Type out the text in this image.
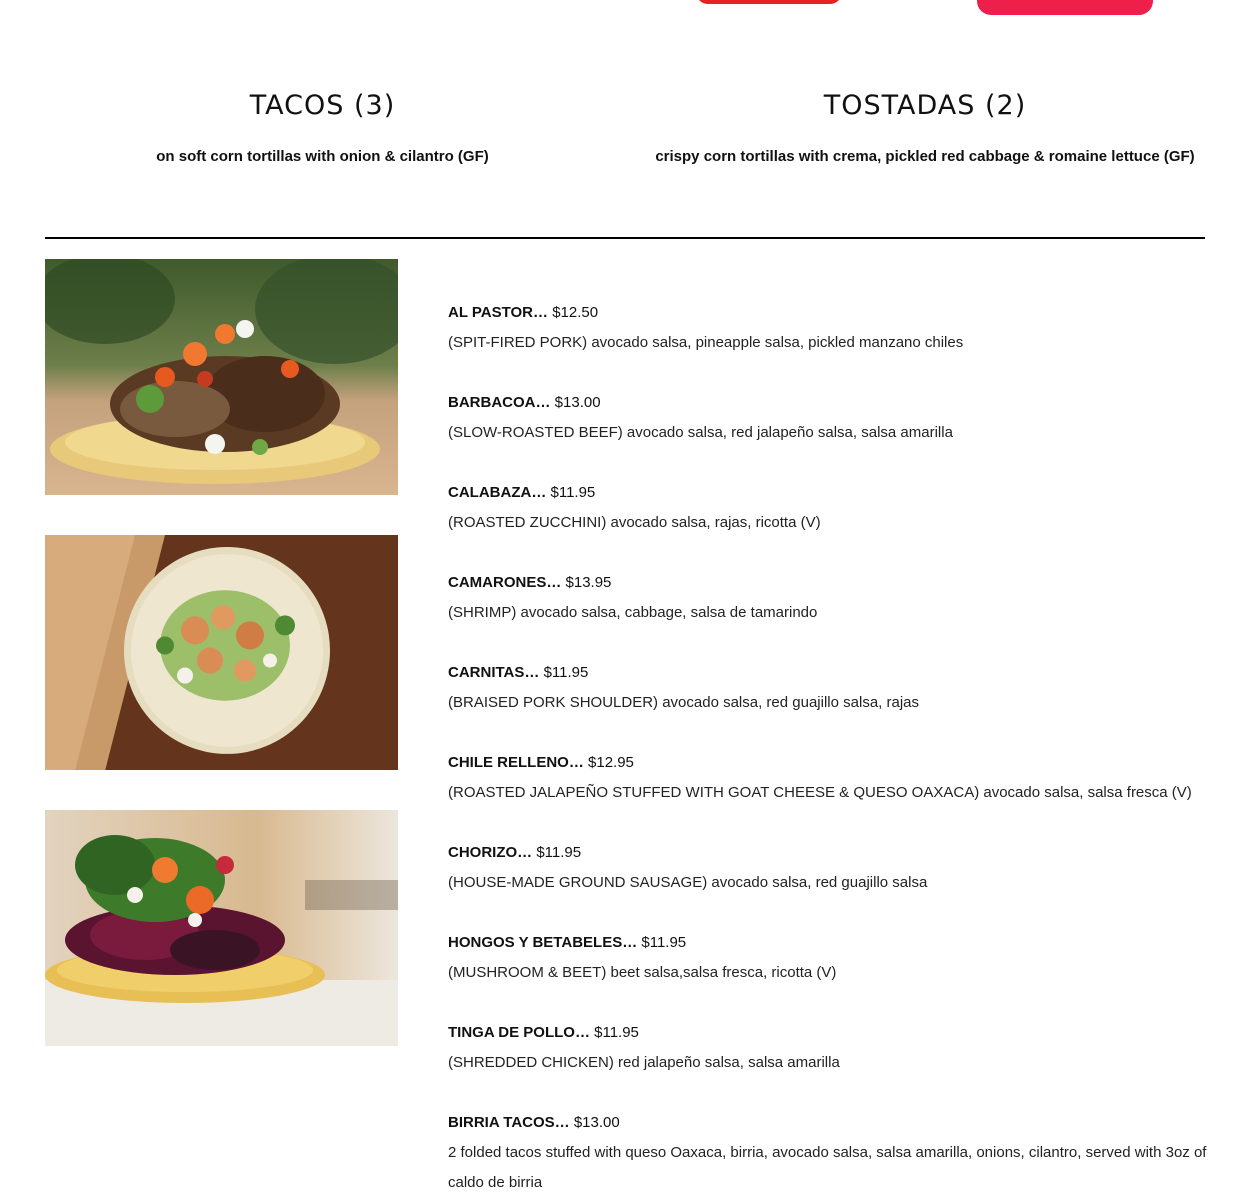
TACOS (3)

on soft corn tortillas with onion & cilantro (GF)

TOSTADAS (2)

crispy corn tortillas with crema, pickled red cabbage & romaine lettuce (GF)

AL PASTOR… $12.50
(SPIT-FIRED PORK) avocado salsa, pineapple salsa, pickled manzano chiles
BARBACOA… $13.00
(SLOW-ROASTED BEEF) avocado salsa, red jalapeño salsa, salsa amarilla
CALABAZA… $11.95
(ROASTED ZUCCHINI) avocado salsa, rajas, ricotta (V)
CAMARONES… $13.95
(SHRIMP) avocado salsa, cabbage, salsa de tamarindo
CARNITAS… $11.95
(BRAISED PORK SHOULDER) avocado salsa, red guajillo salsa, rajas
CHILE RELLENO… $12.95
(ROASTED JALAPEÑO STUFFED WITH GOAT CHEESE & QUESO OAXACA) avocado salsa, salsa fresca (V)
CHORIZO… $11.95
(HOUSE-MADE GROUND SAUSAGE) avocado salsa, red guajillo salsa
HONGOS Y BETABELES… $11.95
(MUSHROOM & BEET) beet salsa,salsa fresca, ricotta (V)
TINGA DE POLLO… $11.95
(SHREDDED CHICKEN) red jalapeño salsa, salsa amarilla
BIRRIA TACOS… $13.00
2 folded tacos stuffed with queso Oaxaca, birria, avocado salsa, salsa amarilla, onions, cilantro, served with 3oz of caldo de birria
